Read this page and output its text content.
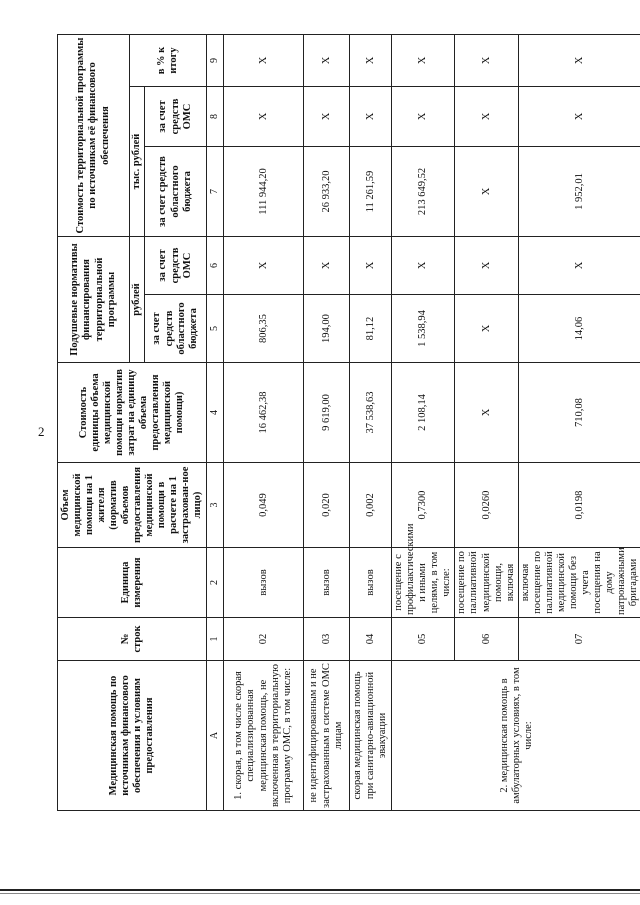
2
Медицинская помощь по источникам финансового обеспечения и условиям предоставления	№ строк	Единица измерения	Объем медицинской помощи на 1 жителя (норматив объемов предоставления медицинской помощи в расчете на 1 застрахован-ное лицо)	Стоимость единицы объема медицинской помощи норматив затрат на единицу объема предоставления медицинской помощи)	Подушевые нормативы финансирования территориальной программы		Стоимость территориальной программы по источникам её финансового обеспечения		
					рублей		тыс. рублей		в % к итогу
					за счет средств областного бюджета	за счет средств ОМС	за счет средств областного бюджета	за счет средств ОМС	
А	1	2	3	4	5	6	7	8	9
1. скорая, в том числе скорая специализированная медицинская помощь, не включенная в территориальную программу ОМС, в том числе:	02	вызов	0,049	16 462,38	806,35	X	111 944,20	X	X
не идентифицированным и не застрахованным в системе ОМС лицам	03	вызов	0,020	9 619,00	194,00	X	26 933,20	X	X
скорая медицинская помощь при санитарно-авиационной эвакуации	04	вызов	0,002	37 538,63	81,12	X	11 261,59	X	X
2. медицинская помощь в амбулаторных условиях, в том числе:	05	посещение с профилактическими и иными целями, в том числе:	0,7300	2 108,14	1 538,94	X	213 649,52	X	X
	06	посещение по паллиативной медицинской помощи, включая	0,0260	X	X	X	X	X	X
	07	включая посещение по паллиативной медицинской помощи без учета посещения на дому патронажными бригадами	0,0198	710,08	14,06	X	1 952,01	X	X
